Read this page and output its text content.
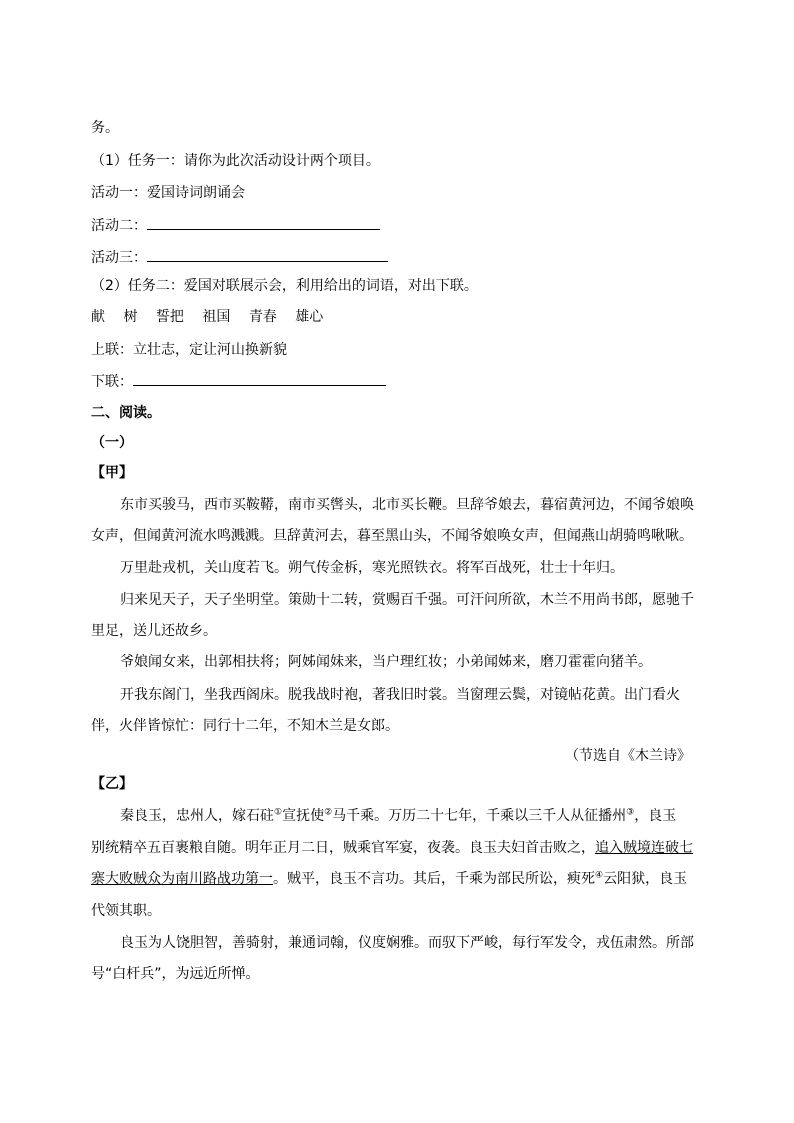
务。
（1）任务一：请你为此次活动设计两个项目。
活动一：爱国诗词朗诵会
活动二：
活动三：
（2）任务二：爱国对联展示会，利用给出的词语，对出下联。
献 树 誓把 祖国 青春 雄心
上联：立壮志，定让河山换新貌
下联：
二、阅读。
（一）
【甲】
东市买骏马，西市买鞍鞯，南市买辔头，北市买长鞭。旦辞爷娘去，暮宿黄河边，不闻爷娘唤
女声，但闻黄河流水鸣溅溅。旦辞黄河去，暮至黑山头，不闻爷娘唤女声，但闻燕山胡骑鸣啾啾。
万里赴戎机，关山度若飞。朔气传金柝，寒光照铁衣。将军百战死，壮士十年归。
归来见天子，天子坐明堂。策勋十二转，赏赐百千强。可汗问所欲，木兰不用尚书郎，愿驰千
里足，送儿还故乡。
爷娘闻女来，出郭相扶将；阿姊闻妹来，当户理红妆；小弟闻姊来，磨刀霍霍向猪羊。
开我东阁门，坐我西阁床。脱我战时袍，著我旧时裳。当窗理云鬓，对镜帖花黄。出门看火
伴，火伴皆惊忙：同行十二年，不知木兰是女郎。
（节选自《木兰诗》
【乙】
秦良玉，忠州人，嫁石砫①宣抚使②马千乘。万历二十七年，千乘以三千人从征播州③，良玉
别统精卒五百裹粮自随。明年正月二日，贼乘官军宴，夜袭。良玉夫妇首击败之，追入贼境连破七
寨大败贼众为南川路战功第一。贼平，良玉不言功。其后，千乘为部民所讼，瘐死④云阳狱，良玉
代领其职。
良玉为人饶胆智，善骑射，兼通词翰，仪度娴雅。而驭下严峻，每行军发令，戎伍肃然。所部
号“白杆兵”，为远近所惮。
